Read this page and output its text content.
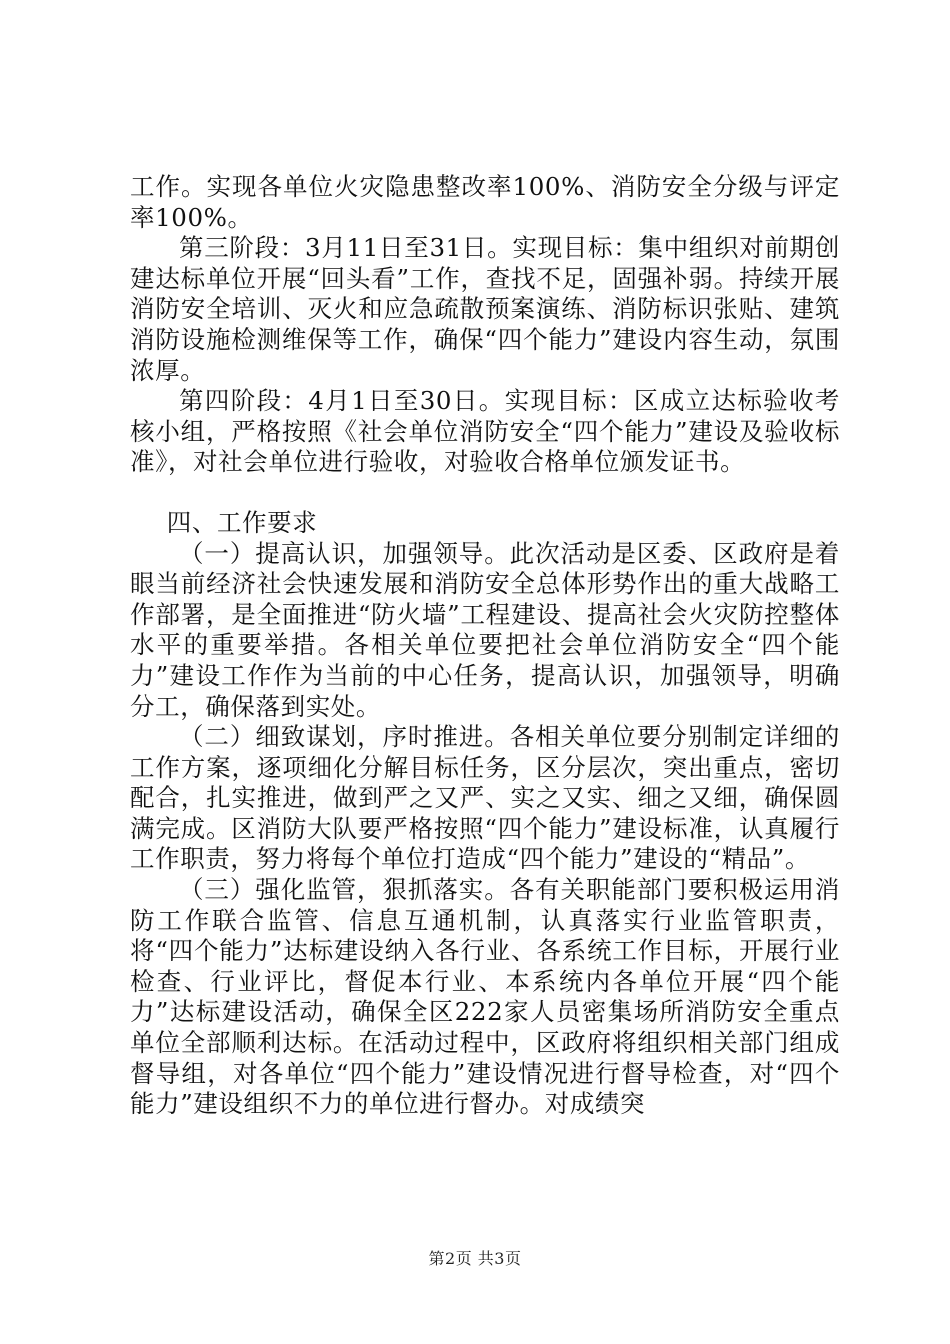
工作。实现各单位火灾隐患整改率100%、消防安全分级与评定率100%。

第三阶段：3月11日至31日。实现目标：集中组织对前期创建达标单位开展“回头看”工作，查找不足，固强补弱。持续开展消防安全培训、灭火和应急疏散预案演练、消防标识张贴、建筑消防设施检测维保等工作，确保“四个能力”建设内容生动，氛围浓厚。

第四阶段：4月1日至30日。实现目标：区成立达标验收考核小组，严格按照《社会单位消防安全“四个能力”建设及验收标准》，对社会单位进行验收，对验收合格单位颁发证书。

四、工作要求

（一）提高认识，加强领导。此次活动是区委、区政府是着眼当前经济社会快速发展和消防安全总体形势作出的重大战略工作部署，是全面推进“防火墙”工程建设、提高社会火灾防控整体水平的重要举措。各相关单位要把社会单位消防安全“四个能力”建设工作作为当前的中心任务，提高认识，加强领导，明确分工，确保落到实处。

（二）细致谋划，序时推进。各相关单位要分别制定详细的工作方案，逐项细化分解目标任务，区分层次，突出重点，密切配合，扎实推进，做到严之又严、实之又实、细之又细，确保圆满完成。区消防大队要严格按照“四个能力”建设标准，认真履行工作职责，努力将每个单位打造成“四个能力”建设的“精品”。

（三）强化监管，狠抓落实。各有关职能部门要积极运用消防工作联合监管、信息互通机制，认真落实行业监管职责，将“四个能力”达标建设纳入各行业、各系统工作目标，开展行业检查、行业评比，督促本行业、本系统内各单位开展“四个能力”达标建设活动，确保全区222家人员密集场所消防安全重点单位全部顺利达标。在活动过程中，区政府将组织相关部门组成督导组，对各单位“四个能力”建设情况进行督导检查，对“四个能力”建设组织不力的单位进行督办。对成绩突

第2页 共3页
